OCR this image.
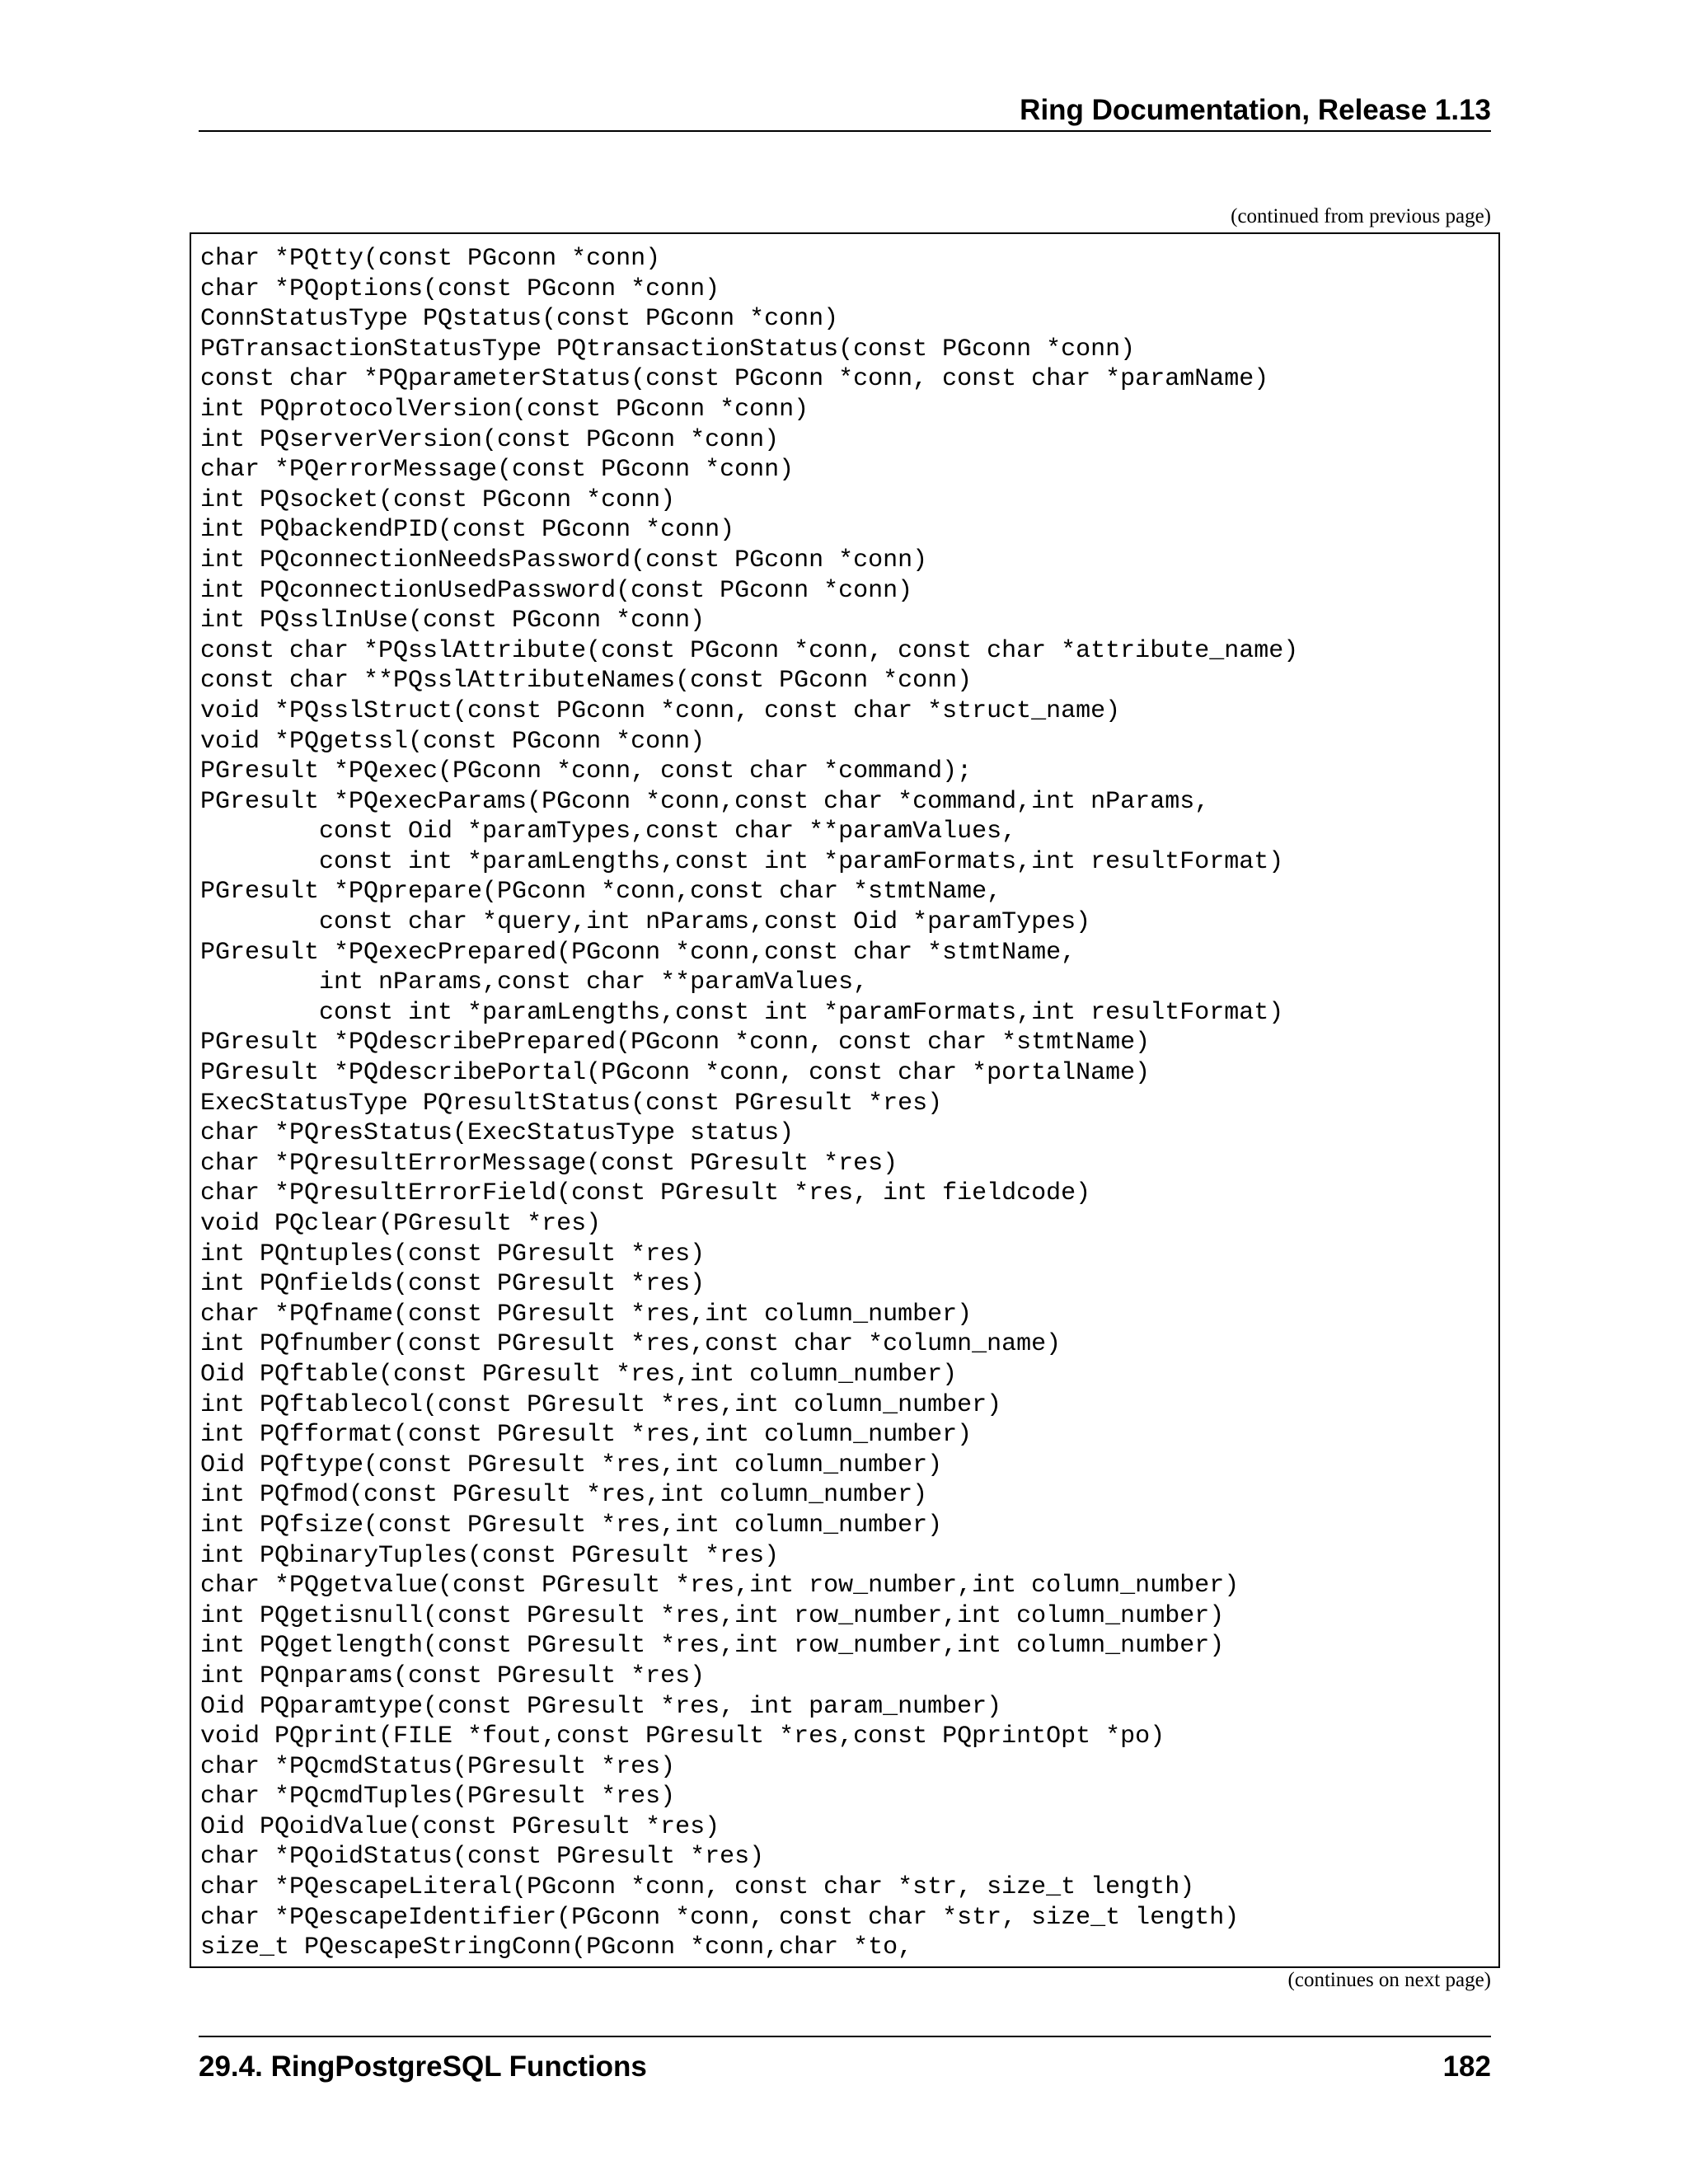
Ring Documentation, Release 1.13
(continued from previous page)
char *PQtty(const PGconn *conn)
char *PQoptions(const PGconn *conn)
ConnStatusType PQstatus(const PGconn *conn)
PGTransactionStatusType PQtransactionStatus(const PGconn *conn)
const char *PQparameterStatus(const PGconn *conn, const char *paramName)
int PQprotocolVersion(const PGconn *conn)
int PQserverVersion(const PGconn *conn)
char *PQerrorMessage(const PGconn *conn)
int PQsocket(const PGconn *conn)
int PQbackendPID(const PGconn *conn)
int PQconnectionNeedsPassword(const PGconn *conn)
int PQconnectionUsedPassword(const PGconn *conn)
int PQsslInUse(const PGconn *conn)
const char *PQsslAttribute(const PGconn *conn, const char *attribute_name)
const char **PQsslAttributeNames(const PGconn *conn)
void *PQsslStruct(const PGconn *conn, const char *struct_name)
void *PQgetssl(const PGconn *conn)
PGresult *PQexec(PGconn *conn, const char *command);
PGresult *PQexecParams(PGconn *conn,const char *command,int nParams,
const Oid *paramTypes,const char **paramValues,
const int *paramLengths,const int *paramFormats,int resultFormat)
PGresult *PQprepare(PGconn *conn,const char *stmtName,
const char *query,int nParams,const Oid *paramTypes)
PGresult *PQexecPrepared(PGconn *conn,const char *stmtName,
int nParams,const char **paramValues,
const int *paramLengths,const int *paramFormats,int resultFormat)
PGresult *PQdescribePrepared(PGconn *conn, const char *stmtName)
PGresult *PQdescribePortal(PGconn *conn, const char *portalName)
ExecStatusType PQresultStatus(const PGresult *res)
char *PQresStatus(ExecStatusType status)
char *PQresultErrorMessage(const PGresult *res)
char *PQresultErrorField(const PGresult *res, int fieldcode)
void PQclear(PGresult *res)
int PQntuples(const PGresult *res)
int PQnfields(const PGresult *res)
char *PQfname(const PGresult *res,int column_number)
int PQfnumber(const PGresult *res,const char *column_name)
Oid PQftable(const PGresult *res,int column_number)
int PQftablecol(const PGresult *res,int column_number)
int PQfformat(const PGresult *res,int column_number)
Oid PQftype(const PGresult *res,int column_number)
int PQfmod(const PGresult *res,int column_number)
int PQfsize(const PGresult *res,int column_number)
int PQbinaryTuples(const PGresult *res)
char *PQgetvalue(const PGresult *res,int row_number,int column_number)
int PQgetisnull(const PGresult *res,int row_number,int column_number)
int PQgetlength(const PGresult *res,int row_number,int column_number)
int PQnparams(const PGresult *res)
Oid PQparamtype(const PGresult *res, int param_number)
void PQprint(FILE *fout,const PGresult *res,const PQprintOpt *po)
char *PQcmdStatus(PGresult *res)
char *PQcmdTuples(PGresult *res)
Oid PQoidValue(const PGresult *res)
char *PQoidStatus(const PGresult *res)
char *PQescapeLiteral(PGconn *conn, const char *str, size_t length)
char *PQescapeIdentifier(PGconn *conn, const char *str, size_t length)
size_t PQescapeStringConn(PGconn *conn,char *to,
(continues on next page)
29.4. RingPostgreSQL Functions	182
